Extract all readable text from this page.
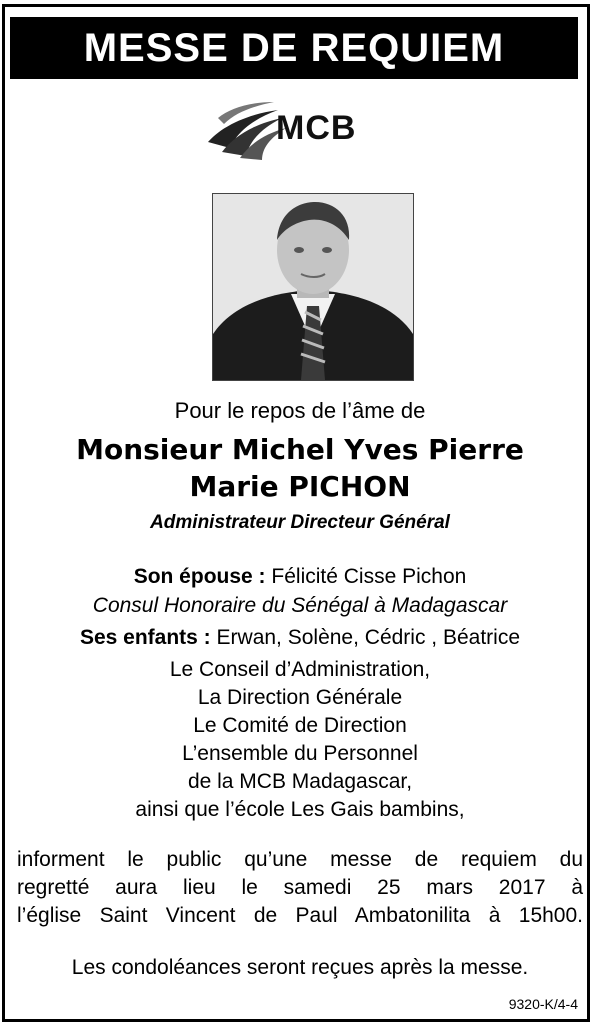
MESSE DE REQUIEM
MCB
Pour le repos de l’âme de
Monsieur Michel Yves Pierre
Marie PICHON
Administrateur Directeur Général
Son épouse : Félicité Cisse Pichon
Consul Honoraire du Sénégal à Madagascar
Ses enfants : Erwan, Solène, Cédric , Béatrice
Le Conseil d’Administration,
La Direction Générale
Le Comité de Direction
L’ensemble du Personnel
de la MCB Madagascar,
ainsi que l’école Les Gais bambins,
informent le public qu’une messe de requiem du
regretté aura lieu le samedi 25 mars 2017 à
l’église Saint Vincent de Paul Ambatonilita à 15h00.
Les condoléances seront reçues après la messe.
9320-K/4-4
